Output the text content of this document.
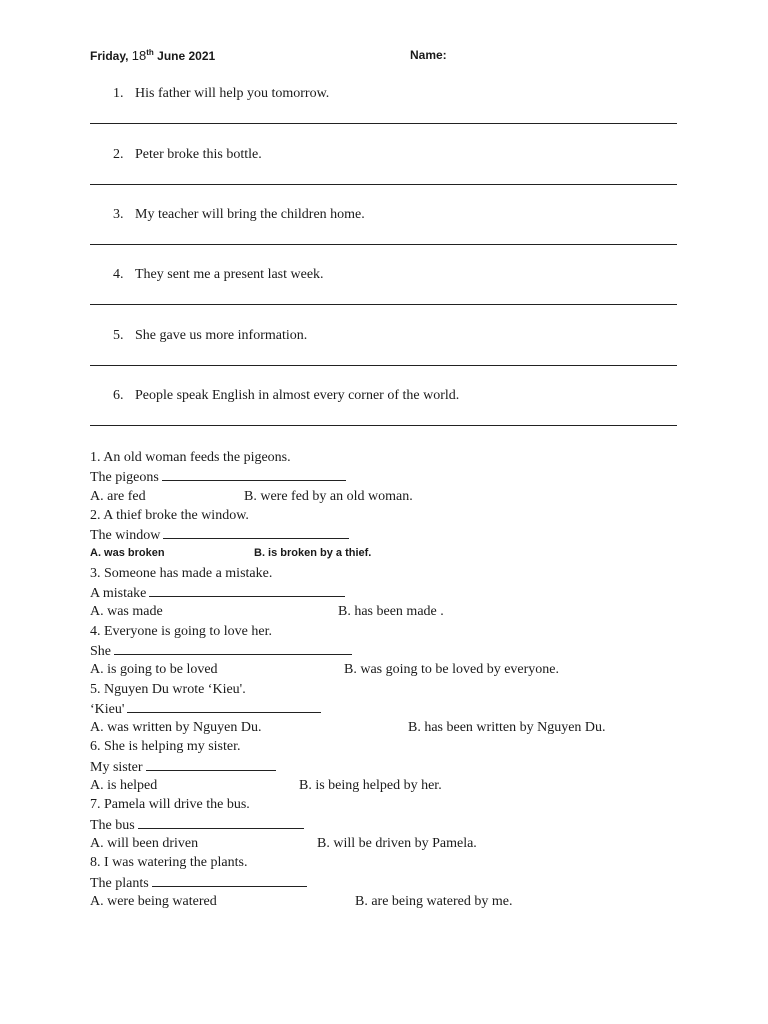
Friday, 18th June 2021	Name:
1. His father will help you tomorrow.
2. Peter broke this bottle.
3. My teacher will bring the children home.
4. They sent me a present last week.
5. She gave us more information.
6. People speak English in almost every corner of the world.
1. An old woman feeds the pigeons.
The pigeons
A. are fed	B. were fed by an old woman.
2. A thief broke the window.
The window
A. was broken	B. is broken by a thief.
3. Someone has made a mistake.
A mistake
A. was made	B. has been made .
4. Everyone is going to love her.
She
A. is going to be loved	B. was going to be loved by everyone.
5. Nguyen Du wrote ‘Kieu'.
‘Kieu'
A. was written by Nguyen Du.	B. has been written by Nguyen Du.
6. She is helping my sister.
My sister
A. is helped	B. is being helped by her.
7. Pamela will drive the bus.
The bus
A. will been driven	B. will be driven by Pamela.
8. I was watering the plants.
The plants
A. were being watered	B. are being watered by me.
